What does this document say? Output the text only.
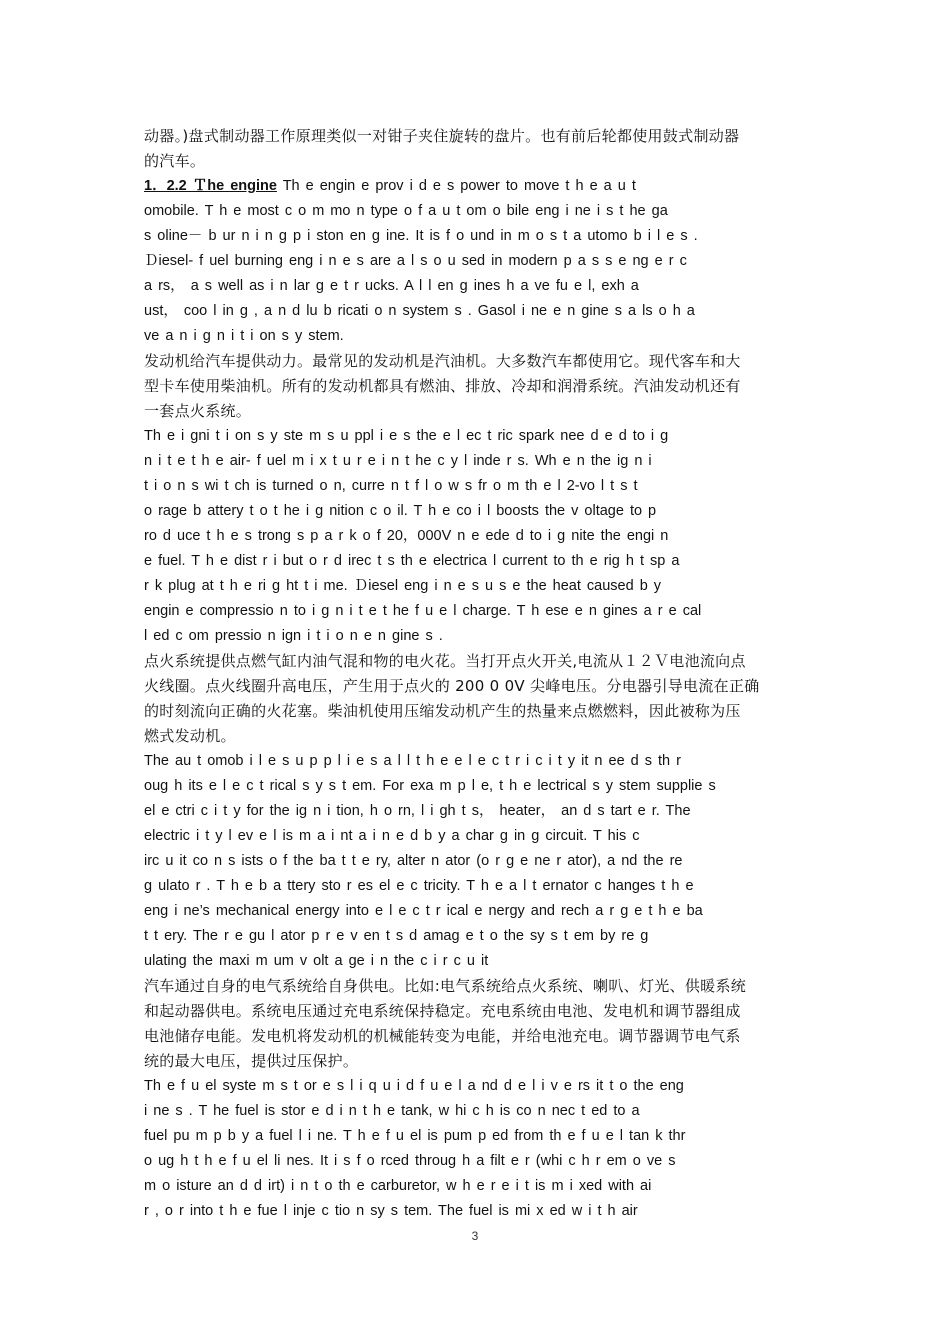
动器。)盘式制动器工作原理类似一对钳子夹住旋转的盘片。也有前后轮都使用鼓式制动器
的汽车。
1．2.2 Ｔhe engine Th e engin e prov i d e s power to move t h e a u t
omobile. T h e most c o m mo n type o f a u t om o bile eng i ne i s t he ga
s oline－ b ur n i n g p i ston en g ine. It is f o und in m o s t a utomo b i l e s .
Ｄiesel- f uel burning eng i n e s are a l s o u sed in modern p a s s e ng e r c
a rs， a s well as i n lar g e t r ucks. A l l en g ines h a ve fu e l, exh a
ust， coo l in g , a n d lu b ricati o n system s . Gasol i ne e n gine s a ls o h a
ve a n i g n i t i on s y stem.
发动机给汽车提供动力。最常见的发动机是汽油机。大多数汽车都使用它。现代客车和大
型卡车使用柴油机。所有的发动机都具有燃油、排放、冷却和润滑系统。汽油发动机还有
一套点火系统。
Th e i gni t i on s y ste m s u ppl i e s the e l ec t ric spark nee d e d to i g
n i t e t h e air- f uel m i x t u r e i n t he c y l inde r s. Wh e n the ig n i
t i o n s wi t ch is turned o n, curre n t f l o w s fr o m th e l 2-vo l t s t
o rage b attery t o t he i g nition c o il. T h e co i l boosts the v oltage to p
ro d uce t h e s trong s p a r k o f 20，000V n e ede d to i g nite the engi n
e fuel. T h e dist r i but o r d irec t s th e electrica l current to th e rig h t sp a
r k plug at t h e ri g ht t i me. Ｄiesel eng i n e s u s e the heat caused b y
engin e compressio n to i g n i t e t he f u e l charge. T h ese e n gines a r e cal
l ed c om pressio n ign i t i o n e n gine s .
点火系统提供点燃气缸内油气混和物的电火花。当打开点火开关,电流从１２Ｖ电池流向点
火线圈。点火线圈升高电压，产生用于点火的 200 0 0V 尖峰电压。分电器引导电流在正确
的时刻流向正确的火花塞。柴油机使用压缩发动机产生的热量来点燃燃料，因此被称为压
燃式发动机。
The au t omob i l e s u p p l i e s a l l t h e e l e c t r i c i t y it n ee d s th r
oug h its e l e c t rical s y s t em. For exa m p l e, t h e lectrical s y stem supplie s
el e ctri c i t y for the ig n i tion, h o rn, l i gh t s， heater， an d s tart e r. The
electric i t y l ev e l is m a i nt a i n e d b y a char g in g circuit. T his c
irc u it co n s ists o f the ba t t e ry, alter n ator (o r g e ne r ator), a nd the re
g ulato r . T h e b a ttery sto r es el e c tricity. T h e a l t ernator c hanges t h e
eng i ne’s mechanical energy into e l e c t r ical e nergy and rech a r g e t h e ba
t t ery. The r e gu l ator p r e v en t s d amag e t o the sy s t em by re g
ulating the maxi m um v olt a ge i n the c i r c u it
汽车通过自身的电气系统给自身供电。比如:电气系统给点火系统、喇叭、灯光、供暖系统
和起动器供电。系统电压通过充电系统保持稳定。充电系统由电池、发电机和调节器组成
电池储存电能。发电机将发动机的机械能转变为电能，并给电池充电。调节器调节电气系
统的最大电压，提供过压保护。
Th e f u el syste m s t or e s l i q u i d f u e l a nd d e l i v e rs it t o the eng
i ne s . T he fuel is stor e d i n t h e tank, w hi c h is co n nec t ed to a
fuel pu m p b y a fuel l i ne. T h e f u el is pum p ed from th e f u e l tan k thr
o ug h t h e f u el li nes. It i s f o rced throug h a filt e r (whi c h r em o ve s
m o isture an d d irt) i n t o th e carburetor, w h e r e i t is m i xed with ai
r , o r into t h e fue l inje c tio n sy s tem. The fuel is mi x ed w i t h air
3
